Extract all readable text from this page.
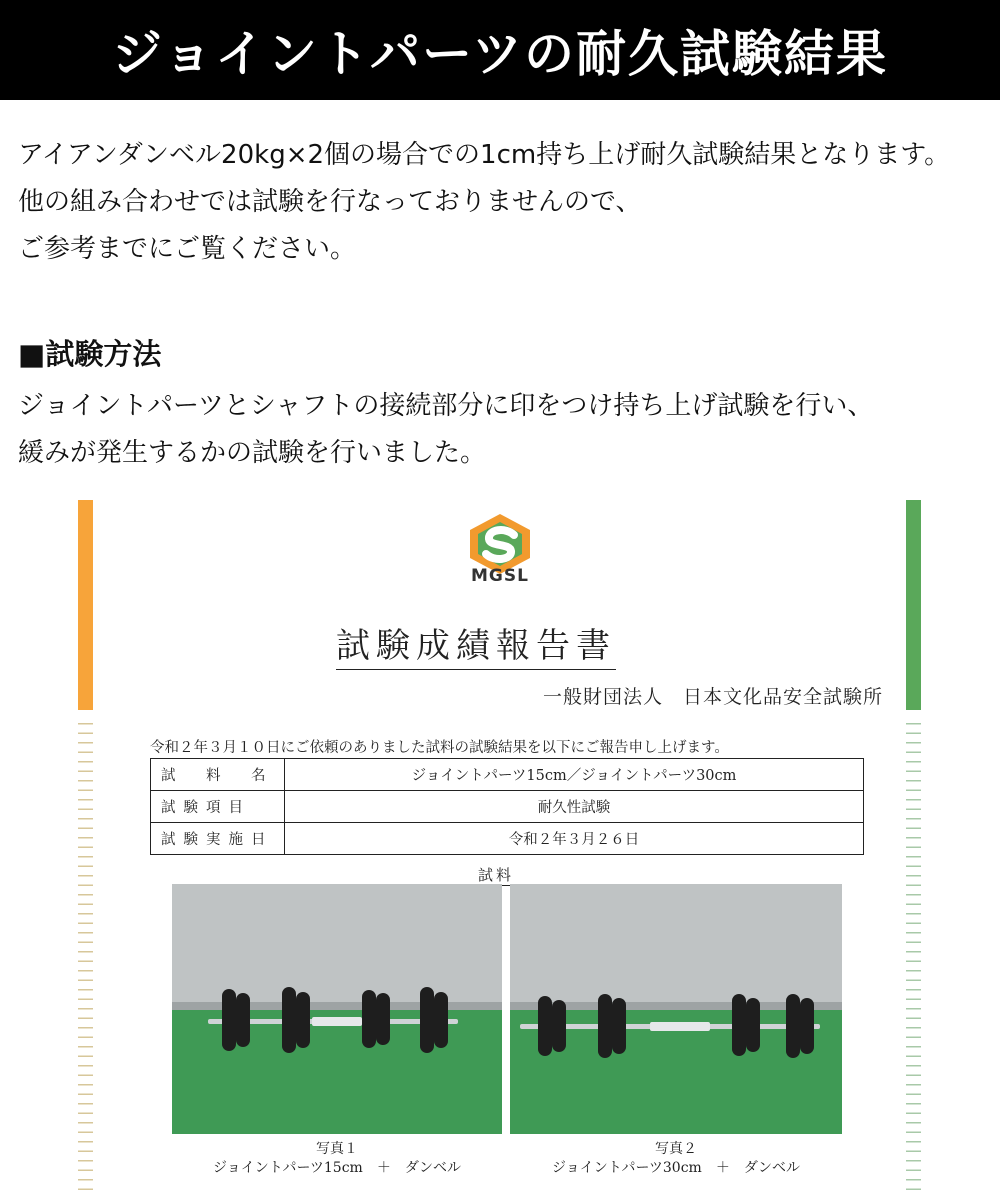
ジョイントパーツの耐久試験結果

アイアンダンベル20kg×2個の場合での1cm持ち上げ耐久試験結果となります。

他の組み合わせでは試験を行なっておりませんので、

ご参考までにご覧ください。

■試験方法

ジョイントパーツとシャフトの接続部分に印をつけ持ち上げ試験を行い、

緩みが発生するかの試験を行いました。

MGSL
試験成績報告書
一般財団法人　日本文化品安全試験所
令和２年３月１０日にご依頼のありました試料の試験結果を以下にご報告申し上げます。
試　料　名	ジョイントパーツ15cm／ジョイントパーツ30cm
試験項目	耐久性試験
試験実施日	令和２年３月２６日
試料
写真１
ジョイントパーツ15cm　＋　ダンベル
写真２
ジョイントパーツ30cm　＋　ダンベル
